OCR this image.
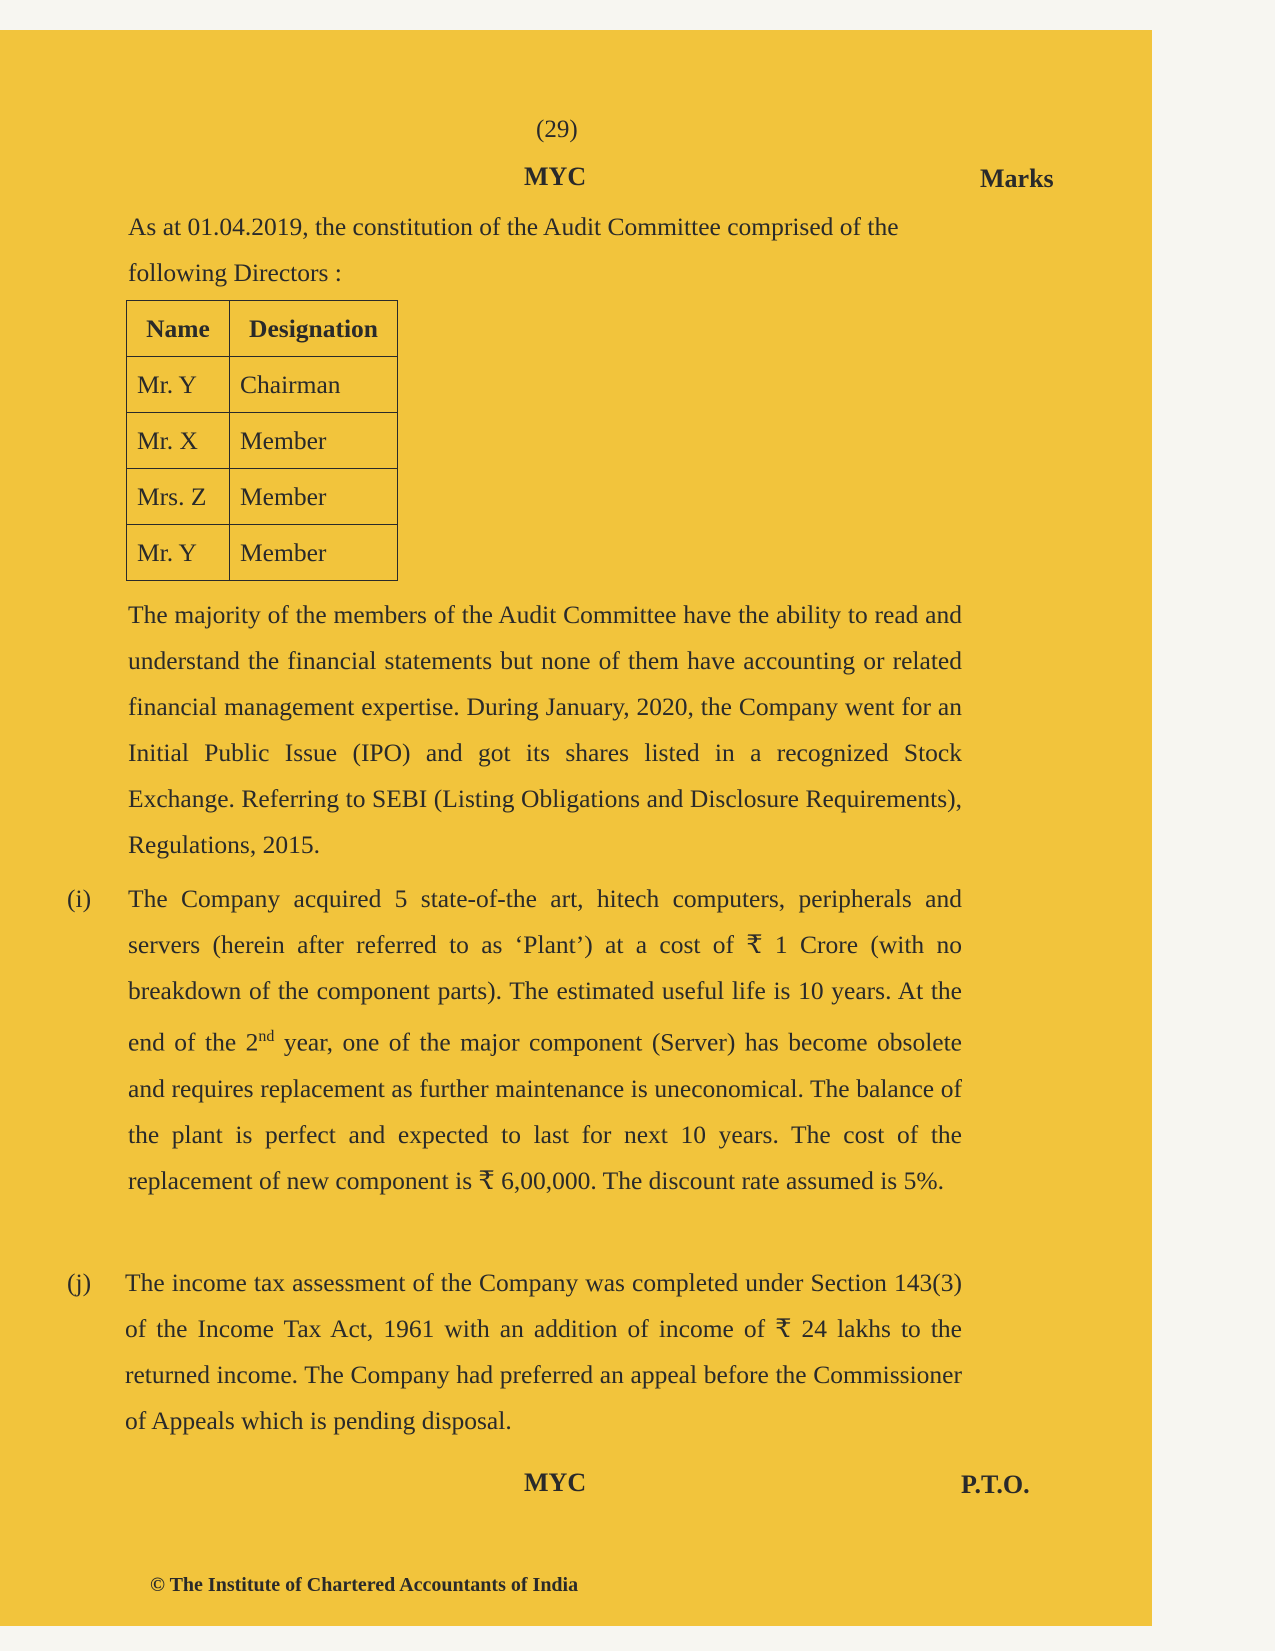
(29)
MYC	Marks
As at 01.04.2019, the constitution of the Audit Committee comprised of the following Directors :
Name	Designation
Mr. Y	Chairman
Mr. X	Member
Mrs. Z	Member
Mr. Y	Member
The majority of the members of the Audit Committee have the ability to read and understand the financial statements but none of them have accounting or related financial management expertise. During January, 2020, the Company went for an Initial Public Issue (IPO) and got its shares listed in a recognized Stock Exchange. Referring to SEBI (Listing Obligations and Disclosure Requirements), Regulations, 2015.
(i) The Company acquired 5 state-of-the art, hitech computers, peripherals and servers (herein after referred to as ‘Plant’) at a cost of ₹ 1 Crore (with no breakdown of the component parts). The estimated useful life is 10 years. At the end of the 2nd year, one of the major component (Server) has become obsolete and requires replacement as further maintenance is uneconomical. The balance of the plant is perfect and expected to last for next 10 years. The cost of the replacement of new component is ₹ 6,00,000. The discount rate assumed is 5%.
(j) The income tax assessment of the Company was completed under Section 143(3) of the Income Tax Act, 1961 with an addition of income of ₹ 24 lakhs to the returned income. The Company had preferred an appeal before the Commissioner of Appeals which is pending disposal.
MYC	P.T.O.
© The Institute of Chartered Accountants of India
